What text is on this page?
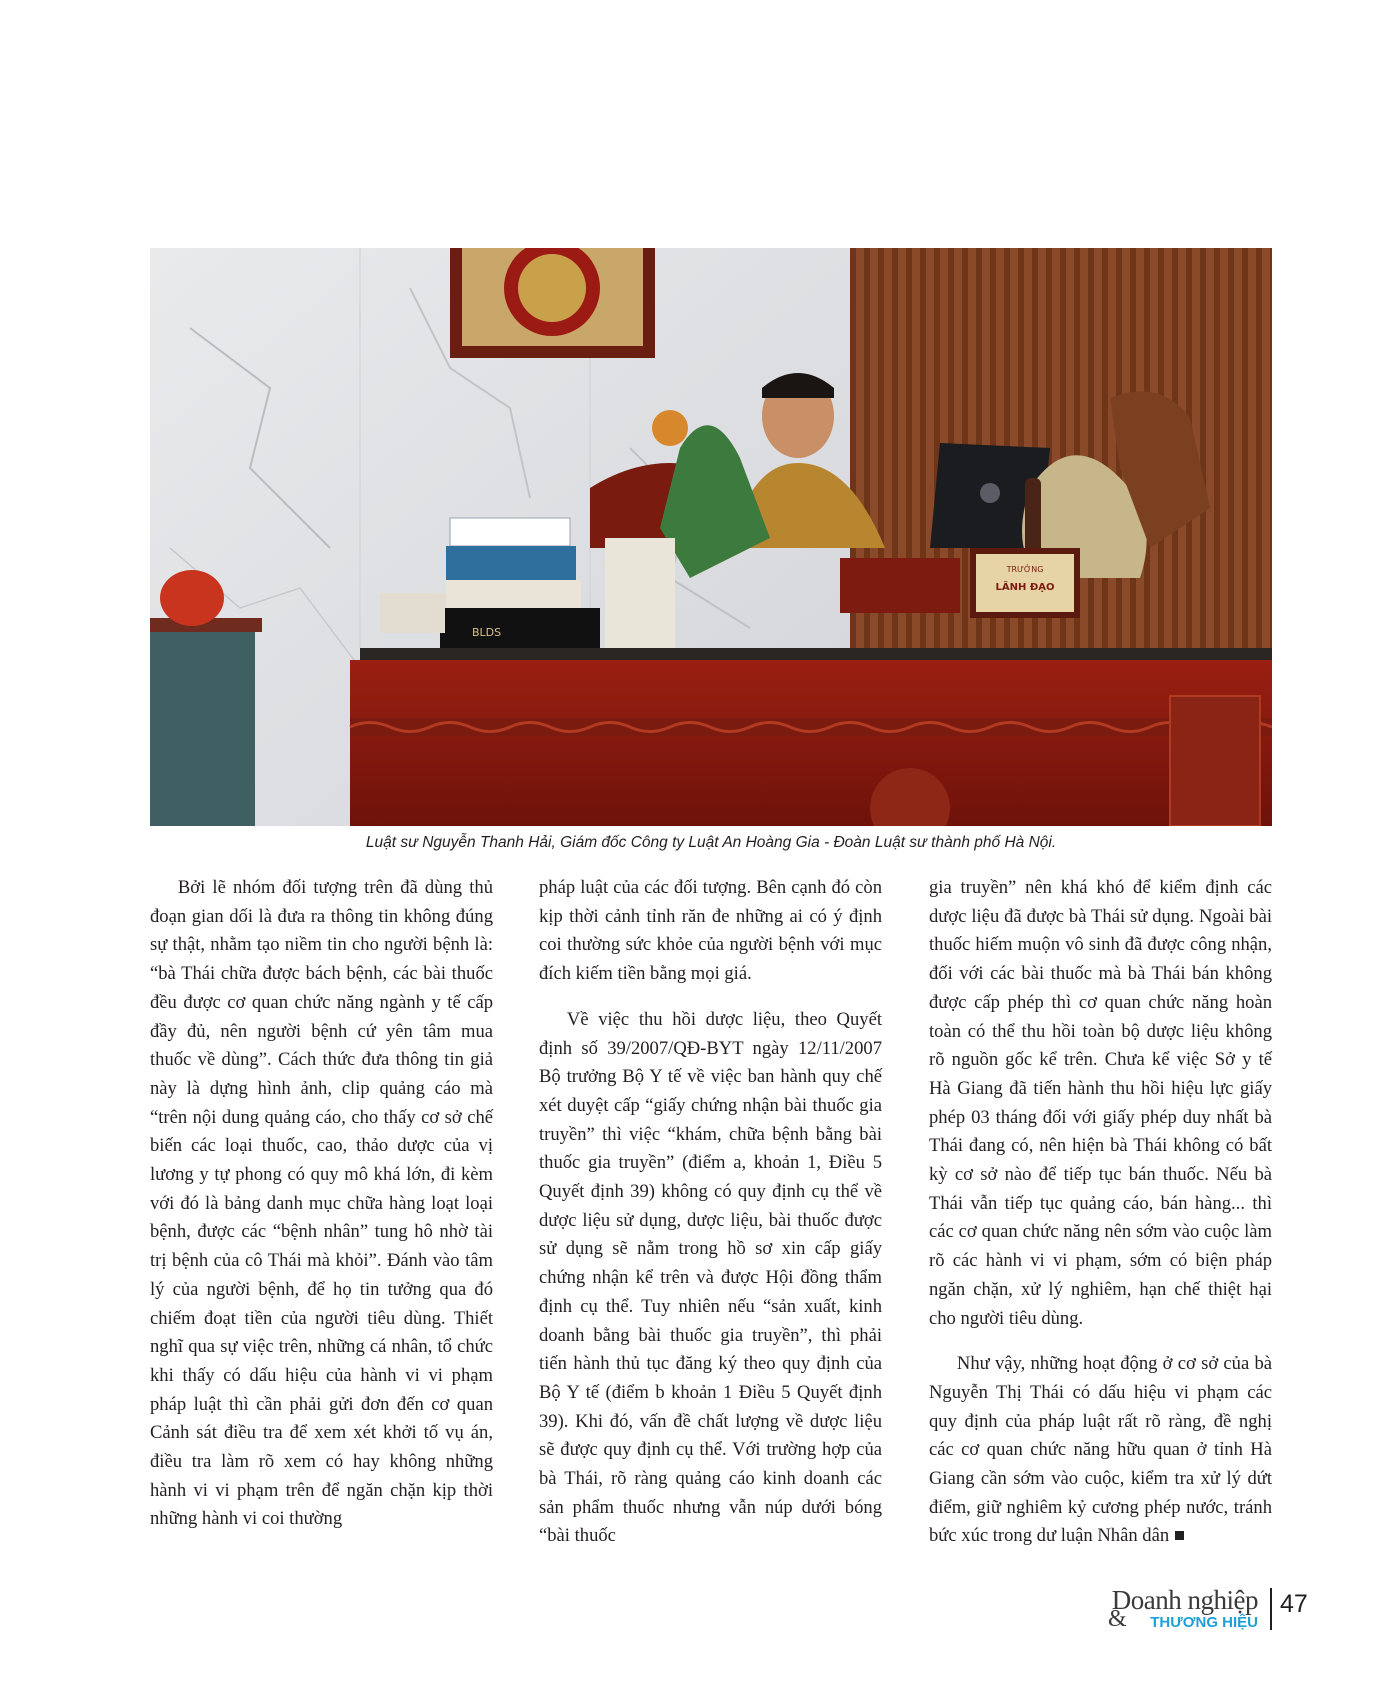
TRƯỞNG
LÃNH ĐẠO
BLDS
Luật sư Nguyễn Thanh Hải, Giám đốc Công ty Luật An Hoàng Gia - Đoàn Luật sư thành phố Hà Nội.

Bởi lẽ nhóm đối tượng trên đã dùng thủ đoạn gian dối là đưa ra thông tin không đúng sự thật, nhằm tạo niềm tin cho người bệnh là: “bà Thái chữa được bách bệnh, các bài thuốc đều được cơ quan chức năng ngành y tế cấp đầy đủ, nên người bệnh cứ yên tâm mua thuốc về dùng”. Cách thức đưa thông tin giả này là dựng hình ảnh, clip quảng cáo mà “trên nội dung quảng cáo, cho thấy cơ sở chế biến các loại thuốc, cao, thảo dược của vị lương y tự phong có quy mô khá lớn, đi kèm với đó là bảng danh mục chữa hàng loạt loại bệnh, được các “bệnh nhân” tung hô nhờ tài trị bệnh của cô Thái mà khỏi”. Đánh vào tâm lý của người bệnh, để họ tin tưởng qua đó chiếm đoạt tiền của người tiêu dùng. Thiết nghĩ qua sự việc trên, những cá nhân, tổ chức khi thấy có dấu hiệu của hành vi vi phạm pháp luật thì cần phải gửi đơn đến cơ quan Cảnh sát điều tra để xem xét khởi tố vụ án, điều tra làm rõ xem có hay không những hành vi vi phạm trên để ngăn chặn kịp thời những hành vi coi thường

pháp luật của các đối tượng. Bên cạnh đó còn kịp thời cảnh tỉnh răn đe những ai có ý định coi thường sức khỏe của người bệnh với mục đích kiếm tiền bằng mọi giá.

Về việc thu hồi dược liệu, theo Quyết định số 39/2007/QĐ-BYT ngày 12/11/2007 Bộ trưởng Bộ Y tế về việc ban hành quy chế xét duyệt cấp “giấy chứng nhận bài thuốc gia truyền” thì việc “khám, chữa bệnh bằng bài thuốc gia truyền” (điểm a, khoản 1, Điều 5 Quyết định 39) không có quy định cụ thể về dược liệu sử dụng, dược liệu, bài thuốc được sử dụng sẽ nằm trong hồ sơ xin cấp giấy chứng nhận kể trên và được Hội đồng thẩm định cụ thể. Tuy nhiên nếu “sản xuất, kinh doanh bằng bài thuốc gia truyền”, thì phải tiến hành thủ tục đăng ký theo quy định của Bộ Y tế (điểm b khoản 1 Điều 5 Quyết định 39). Khi đó, vấn đề chất lượng về dược liệu sẽ được quy định cụ thể. Với trường hợp của bà Thái, rõ ràng quảng cáo kinh doanh các sản phẩm thuốc nhưng vẫn núp dưới bóng “bài thuốc

gia truyền” nên khá khó để kiểm định các dược liệu đã được bà Thái sử dụng. Ngoài bài thuốc hiếm muộn vô sinh đã được công nhận, đối với các bài thuốc mà bà Thái bán không được cấp phép thì cơ quan chức năng hoàn toàn có thể thu hồi toàn bộ dược liệu không rõ nguồn gốc kể trên. Chưa kể việc Sở y tế Hà Giang đã tiến hành thu hồi hiệu lực giấy phép 03 tháng đối với giấy phép duy nhất bà Thái đang có, nên hiện bà Thái không có bất kỳ cơ sở nào để tiếp tục bán thuốc. Nếu bà Thái vẫn tiếp tục quảng cáo, bán hàng... thì các cơ quan chức năng nên sớm vào cuộc làm rõ các hành vi vi phạm, sớm có biện pháp ngăn chặn, xử lý nghiêm, hạn chế thiệt hại cho người tiêu dùng.

Như vậy, những hoạt động ở cơ sở của bà Nguyễn Thị Thái có dấu hiệu vi phạm các quy định của pháp luật rất rõ ràng, đề nghị các cơ quan chức năng hữu quan ở tỉnh Hà Giang cần sớm vào cuộc, kiểm tra xử lý dứt điểm, giữ nghiêm kỷ cương phép nước, tránh bức xúc trong dư luận Nhân dân

Doanh nghiệp
&	THƯƠNG HIỆU
47
